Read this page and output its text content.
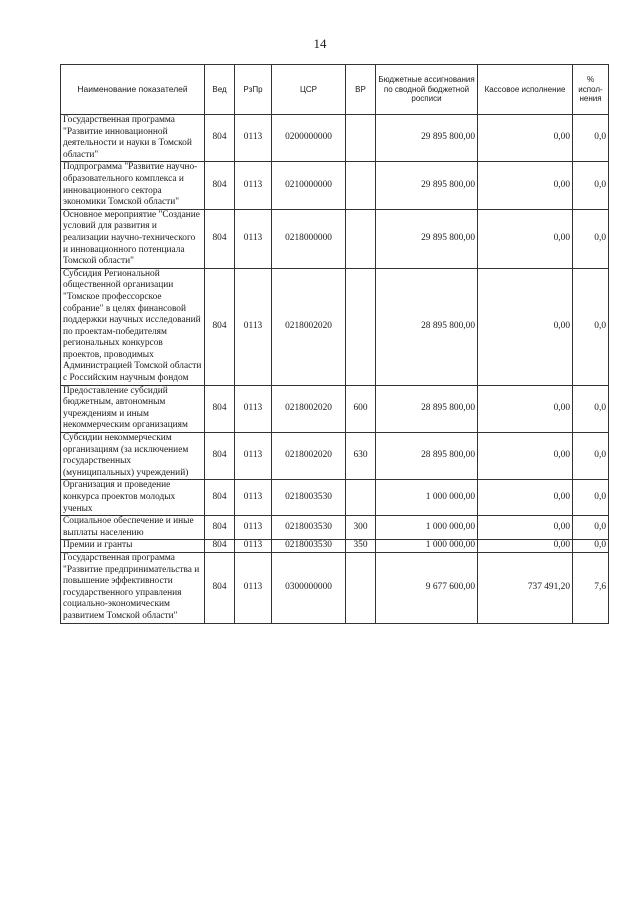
14
Наименование показателей	Вед	РзПр	ЦСР	ВР	Бюджетные ассигнования по сводной бюджетной росписи	Кассовое исполнение	% испол-нения
Государственная программа "Развитие инновационной деятельности и науки в Томской области"	804	0113	0200000000		29 895 800,00	0,00	0,0
Подпрограмма "Развитие научно-образовательного комплекса и инновационного сектора экономики Томской области"	804	0113	0210000000		29 895 800,00	0,00	0,0
Основное мероприятие "Создание условий для развития и реализации научно-технического и инновационного потенциала Томской области"	804	0113	0218000000		29 895 800,00	0,00	0,0
Субсидия Региональной общественной организации "Томское профессорское собрание" в целях финансовой поддержки научных исследований по проектам-победителям региональных конкурсов проектов, проводимых Администрацией Томской области с Российским научным фондом	804	0113	0218002020		28 895 800,00	0,00	0,0
Предоставление субсидий бюджетным, автономным учреждениям и иным некоммерческим организациям	804	0113	0218002020	600	28 895 800,00	0,00	0,0
Субсидии некоммерческим организациям (за исключением государственных (муниципальных) учреждений)	804	0113	0218002020	630	28 895 800,00	0,00	0,0
Организация и проведение конкурса проектов молодых ученых	804	0113	0218003530		1 000 000,00	0,00	0,0
Социальное обеспечение и иные выплаты населению	804	0113	0218003530	300	1 000 000,00	0,00	0,0
Премии и гранты	804	0113	0218003530	350	1 000 000,00	0,00	0,0
Государственная программа "Развитие предпринимательства и повышение эффективности государственного управления социально-экономическим развитием Томской области"	804	0113	0300000000		9 677 600,00	737 491,20	7,6
